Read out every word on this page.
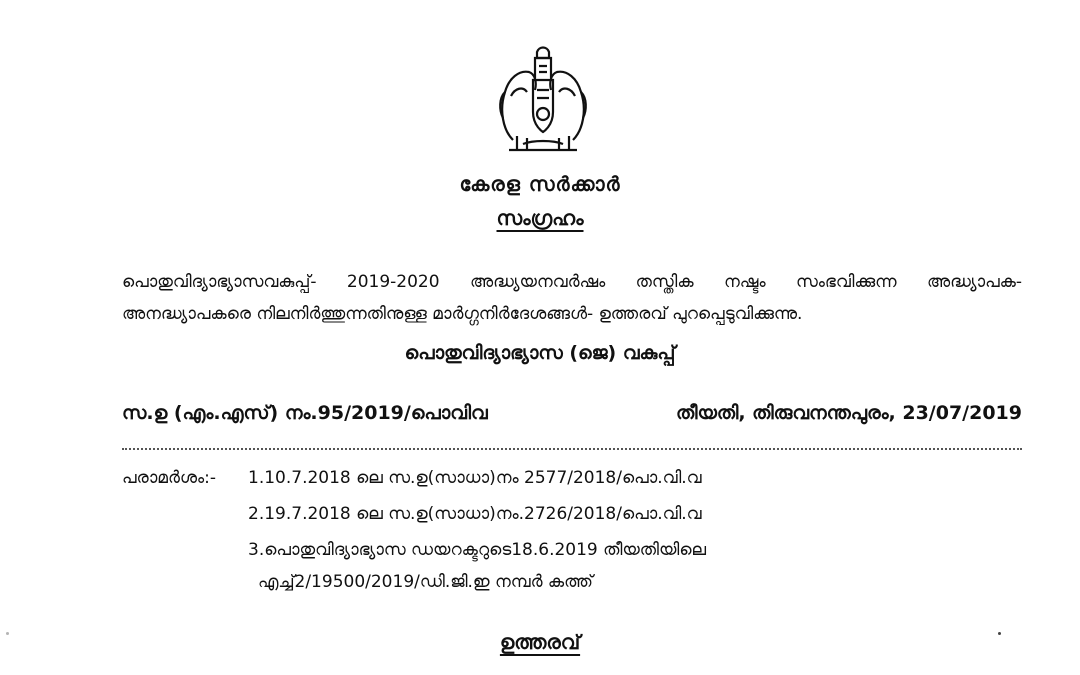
കേരള സർക്കാർ
സംഗ്രഹം
പൊതുവിദ്യാഭ്യാസവകുപ്പ്- 2019-2020 അദ്ധ്യയനവർഷം തസ്തിക നഷ്ടം സംഭവിക്കുന്ന അദ്ധ്യാപക-
അനദ്ധ്യാപകരെ നിലനിർത്തുന്നതിനുള്ള മാർഗ്ഗനിർദേശങ്ങൾ- ഉത്തരവ് പുറപ്പെടുവിക്കുന്നു.
പൊതുവിദ്യാഭ്യാസ (ജെ) വകുപ്പ്
സ.ഉ (എം.എസ്) നം.95/2019/പൊവിവ	തീയതി, തിരുവനന്തപുരം, 23/07/2019
പരാമർശം:- 1.10.7.2018 ലെ സ.ഉ(സാധാ)നം 2577/2018/പൊ.വി.വ
2.19.7.2018 ലെ സ.ഉ(സാധാ)നം.2726/2018/പൊ.വി.വ
3.പൊതുവിദ്യാഭ്യാസ ഡയറക്ടറുടെ18.6.2019 തീയതിയിലെ
എച്ച്2/19500/2019/ഡി.ജി.ഇ നമ്പർ കത്ത്
ഉത്തരവ്
